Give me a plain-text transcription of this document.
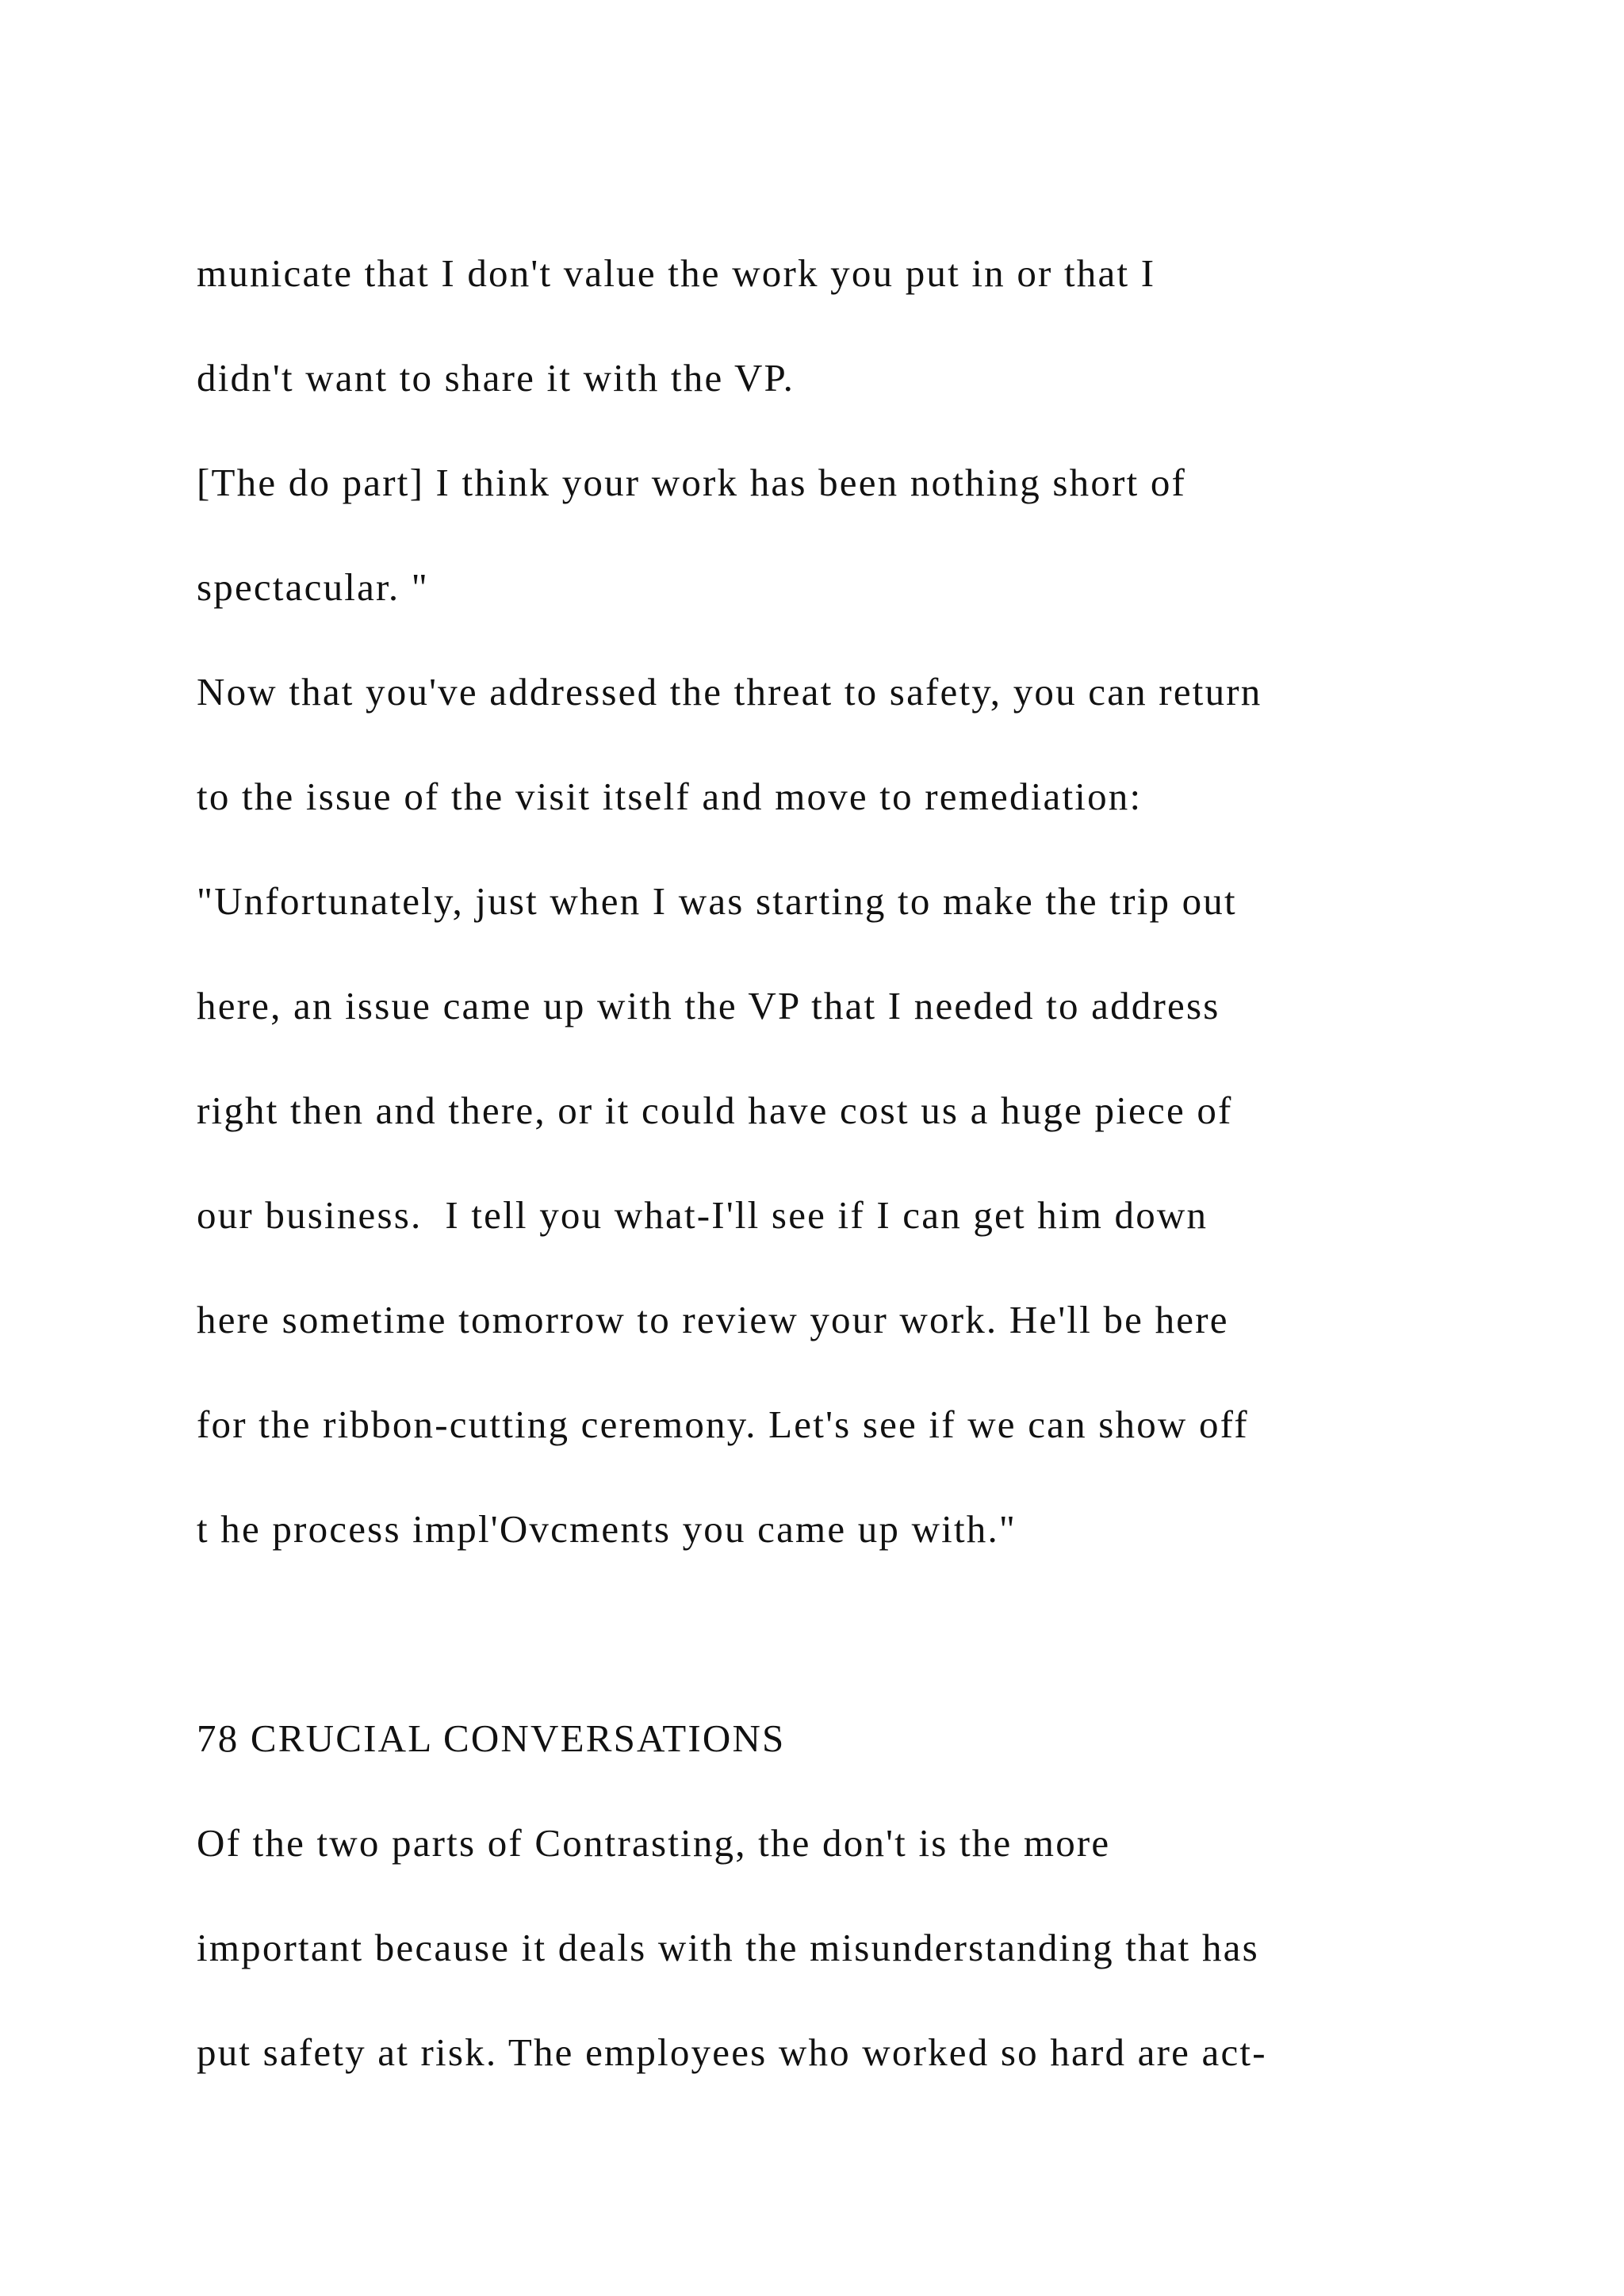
municate that I don't value the work you put in or that I
didn't want to share it with the VP.
[The do part] I think your work has been nothing short of
spectacular. "
Now that you've addressed the threat to safety, you can return
to the issue of the visit itself and move to remediation:
"Unfortunately, just when I was starting to make the trip out
here, an issue came up with the VP that I needed to address
right then and there, or it could have cost us a huge piece of
our business.  I tell you what-I'll see if I can get him down
here sometime tomorrow to review your work. He'll be here
for the ribbon-cutting ceremony. Let's see if we can show off
t he process impl'Ovcments you came up with."
78 CRUCIAL CONVERSATIONS
Of the two parts of Contrasting, the don't is the more
important because it deals with the misunderstanding that has
put safety at risk. The employees who worked so hard are act-
